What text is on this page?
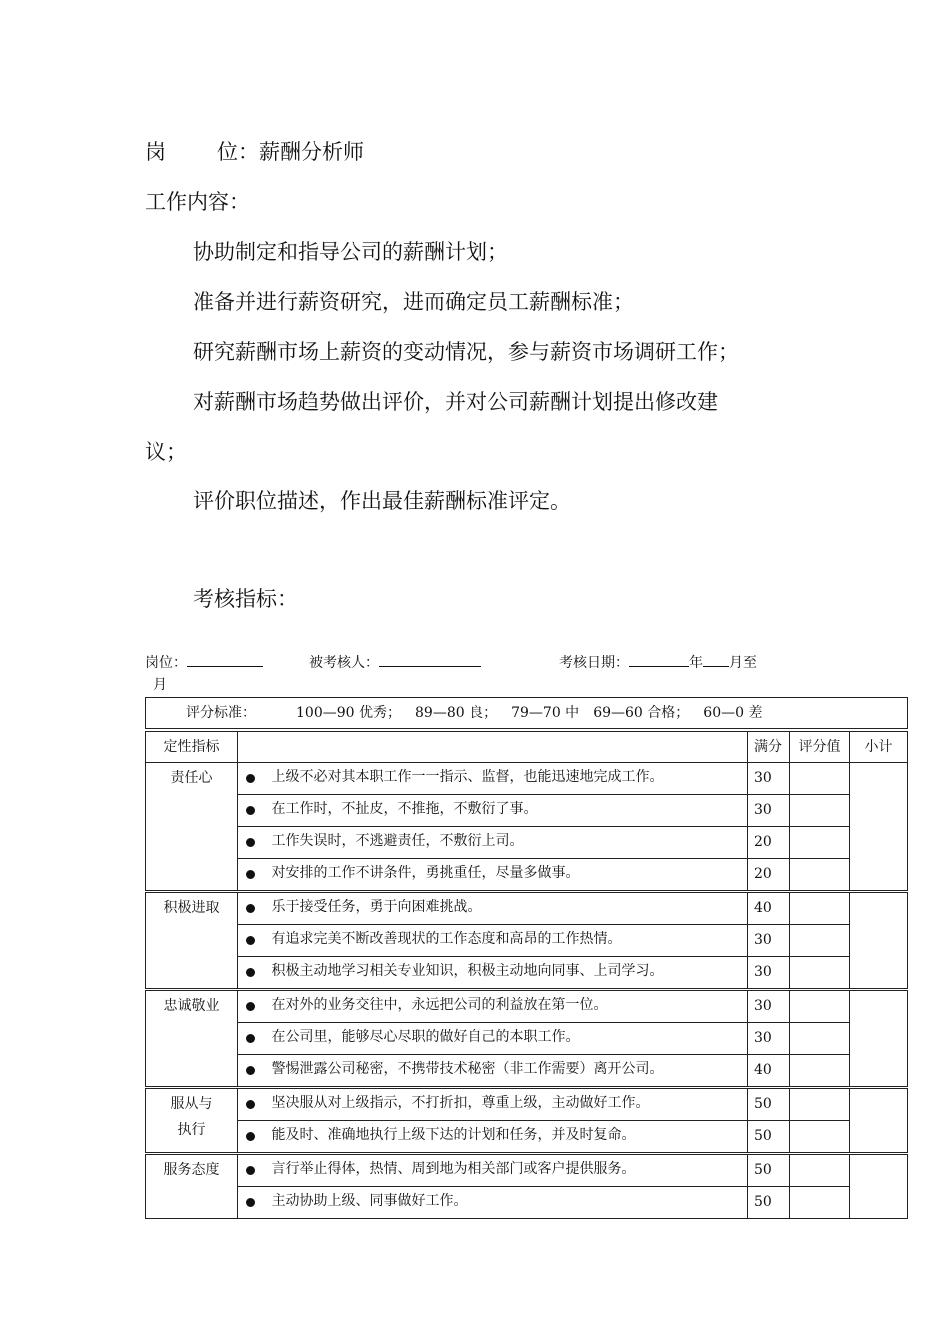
岗 位：薪酬分析师
工作内容：
协助制定和指导公司的薪酬计划；
准备并进行薪资研究，进而确定员工薪酬标准；
研究薪酬市场上薪资的变动情况，参与薪资市场调研工作；
对薪酬市场趋势做出评价，并对公司薪酬计划提出修改建
议；
评价职位描述，作出最佳薪酬标准评定。
考核指标：
岗位：	被考核人：	考核日期：	年 月至
月
评分标准： 100—90 优秀； 89—80 良； 79—70 中 69—60 合格； 60—0 差					
定性指标			满分	评分值	小计
责任心		上级不必对其本职工作一一指示、监督，也能迅速地完成工作。	30		
		在工作时，不扯皮，不推拖，不敷衍了事。	30		
		工作失误时，不逃避责任，不敷衍上司。	20		
		对安排的工作不讲条件，勇挑重任，尽量多做事。	20		
积极进取		乐于接受任务，勇于向困难挑战。	40		
		有追求完美不断改善现状的工作态度和高昂的工作热情。	30		
		积极主动地学习相关专业知识，积极主动地向同事、上司学习。	30		
忠诚敬业		在对外的业务交往中，永远把公司的利益放在第一位。	30		
		在公司里，能够尽心尽职的做好自己的本职工作。	30		
		警惕泄露公司秘密，不携带技术秘密（非工作需要）离开公司。	40		
服从与执行		坚决服从对上级指示，不打折扣，尊重上级，主动做好工作。	50		
		能及时、准确地执行上级下达的计划和任务，并及时复命。	50		
服务态度		言行举止得体，热情、周到地为相关部门或客户提供服务。	50		
		主动协助上级、同事做好工作。	50		
